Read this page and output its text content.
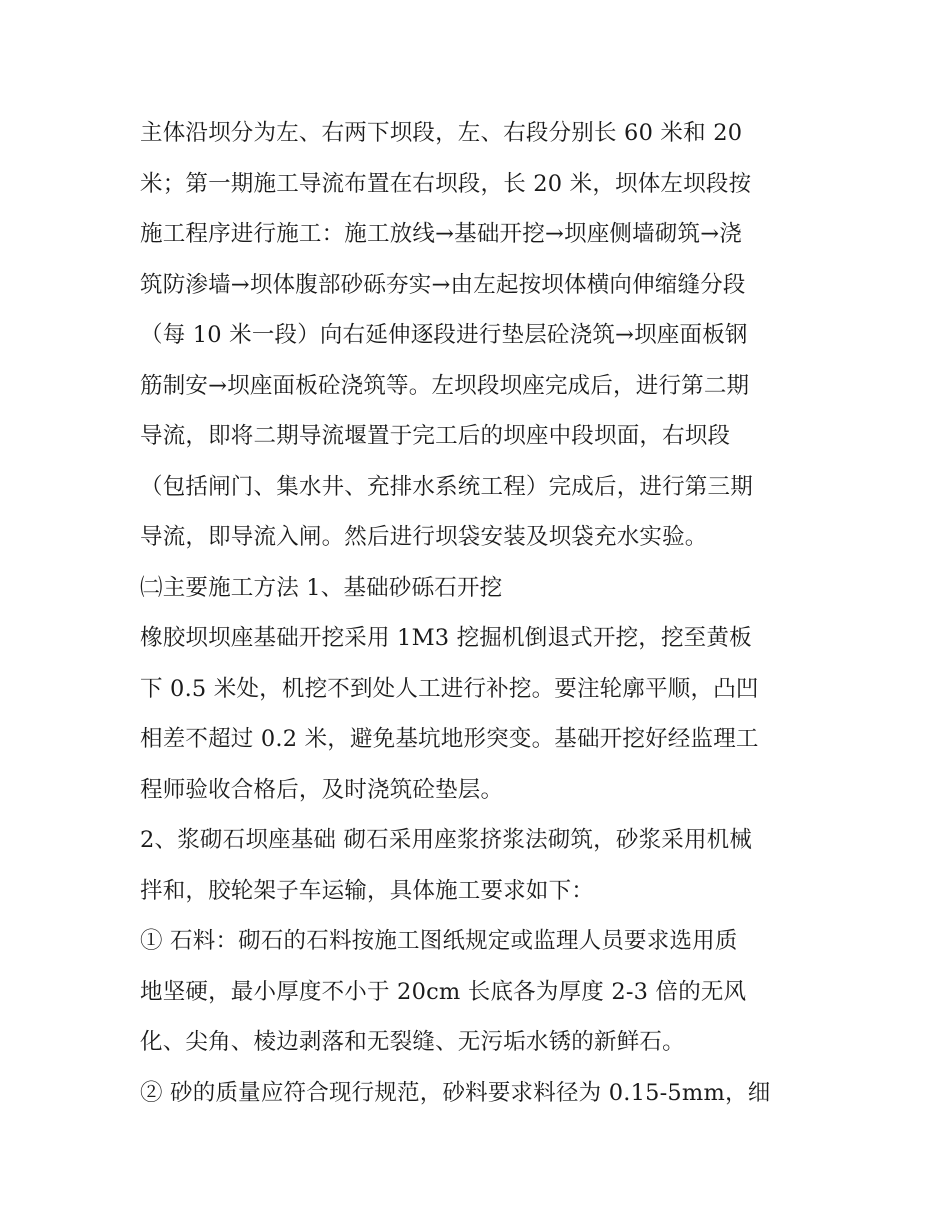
主体沿坝分为左、右两下坝段，左、右段分别长 60 米和 20
米；第一期施工导流布置在右坝段，长 20 米，坝体左坝段按
施工程序进行施工：施工放线→基础开挖→坝座侧墙砌筑→浇
筑防渗墙→坝体腹部砂砾夯实→由左起按坝体横向伸缩缝分段
（每 10 米一段）向右延伸逐段进行垫层砼浇筑→坝座面板钢
筋制安→坝座面板砼浇筑等。左坝段坝座完成后，进行第二期
导流，即将二期导流堰置于完工后的坝座中段坝面，右坝段
（包括闸门、集水井、充排水系统工程）完成后，进行第三期
导流，即导流入闸。然后进行坝袋安装及坝袋充水实验。
㈡主要施工方法 1、基础砂砾石开挖
橡胶坝坝座基础开挖采用 1M3 挖掘机倒退式开挖，挖至黄板
下 0.5 米处，机挖不到处人工进行补挖。要注轮廓平顺，凸凹
相差不超过 0.2 米，避免基坑地形突变。基础开挖好经监理工
程师验收合格后，及时浇筑砼垫层。
2、浆砌石坝座基础 砌石采用座浆挤浆法砌筑，砂浆采用机械
拌和，胶轮架子车运输，具体施工要求如下：
① 石料：砌石的石料按施工图纸规定或监理人员要求选用质
地坚硬，最小厚度不小于 20cm 长底各为厚度 2-3 倍的无风
化、尖角、棱边剥落和无裂缝、无污垢水锈的新鲜石。
② 砂的质量应符合现行规范，砂料要求料径为 0.15-5mm，细
